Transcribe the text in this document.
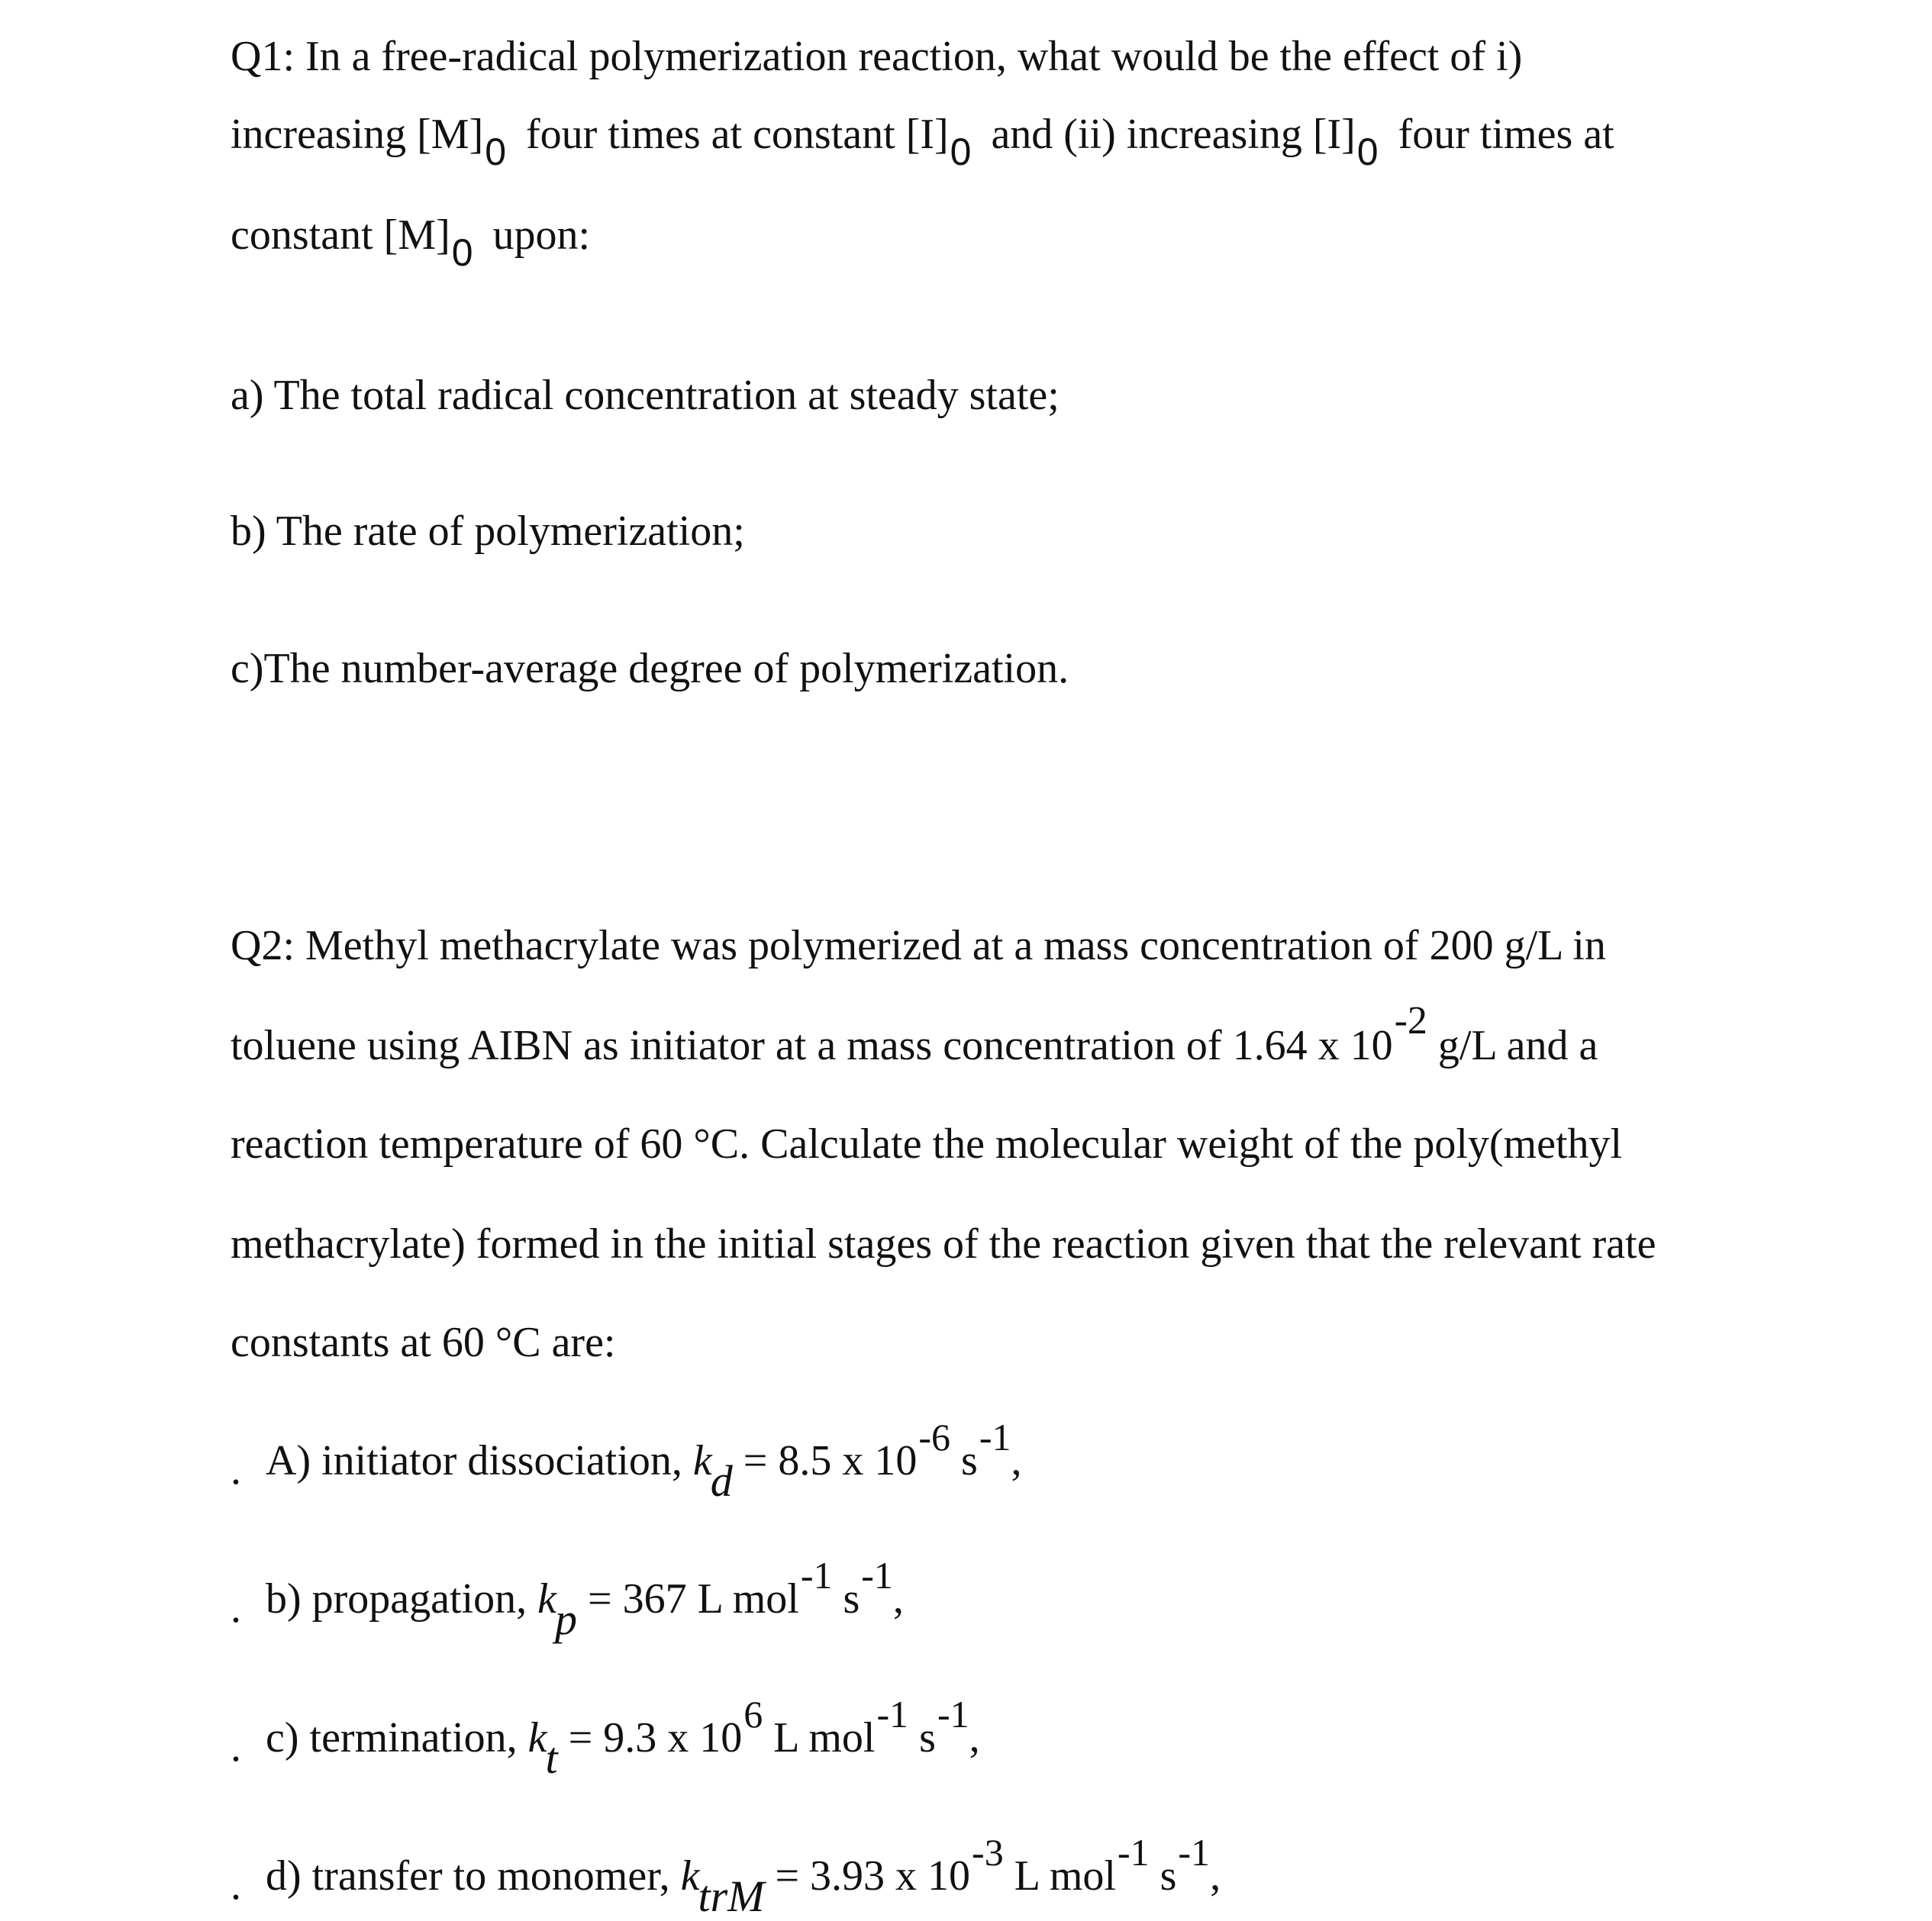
Q1: In a free-radical polymerization reaction, what would be the effect of i)
increasing [M]0 four times at constant [I]0 and (ii) increasing [I]0 four times at
constant [M]0 upon:
a) The total radical concentration at steady state;
b) The rate of polymerization;
c)The number-average degree of polymerization.
Q2: Methyl methacrylate was polymerized at a mass concentration of 200 g/L in
toluene using AIBN as initiator at a mass concentration of 1.64 x 10-2 g/L and a
reaction temperature of 60 °C. Calculate the molecular weight of the poly(methyl
methacrylate) formed in the initial stages of the reaction given that the relevant rate
constants at 60 °C are:
. A) initiator dissociation, kd = 8.5 x 10-6 s-1,
. b) propagation, kp = 367 L mol-1 s-1,
. c) termination, kt = 9.3 x 106 L mol-1 s-1,
. d) transfer to monomer, ktrM = 3.93 x 10-3 L mol-1 s-1,
